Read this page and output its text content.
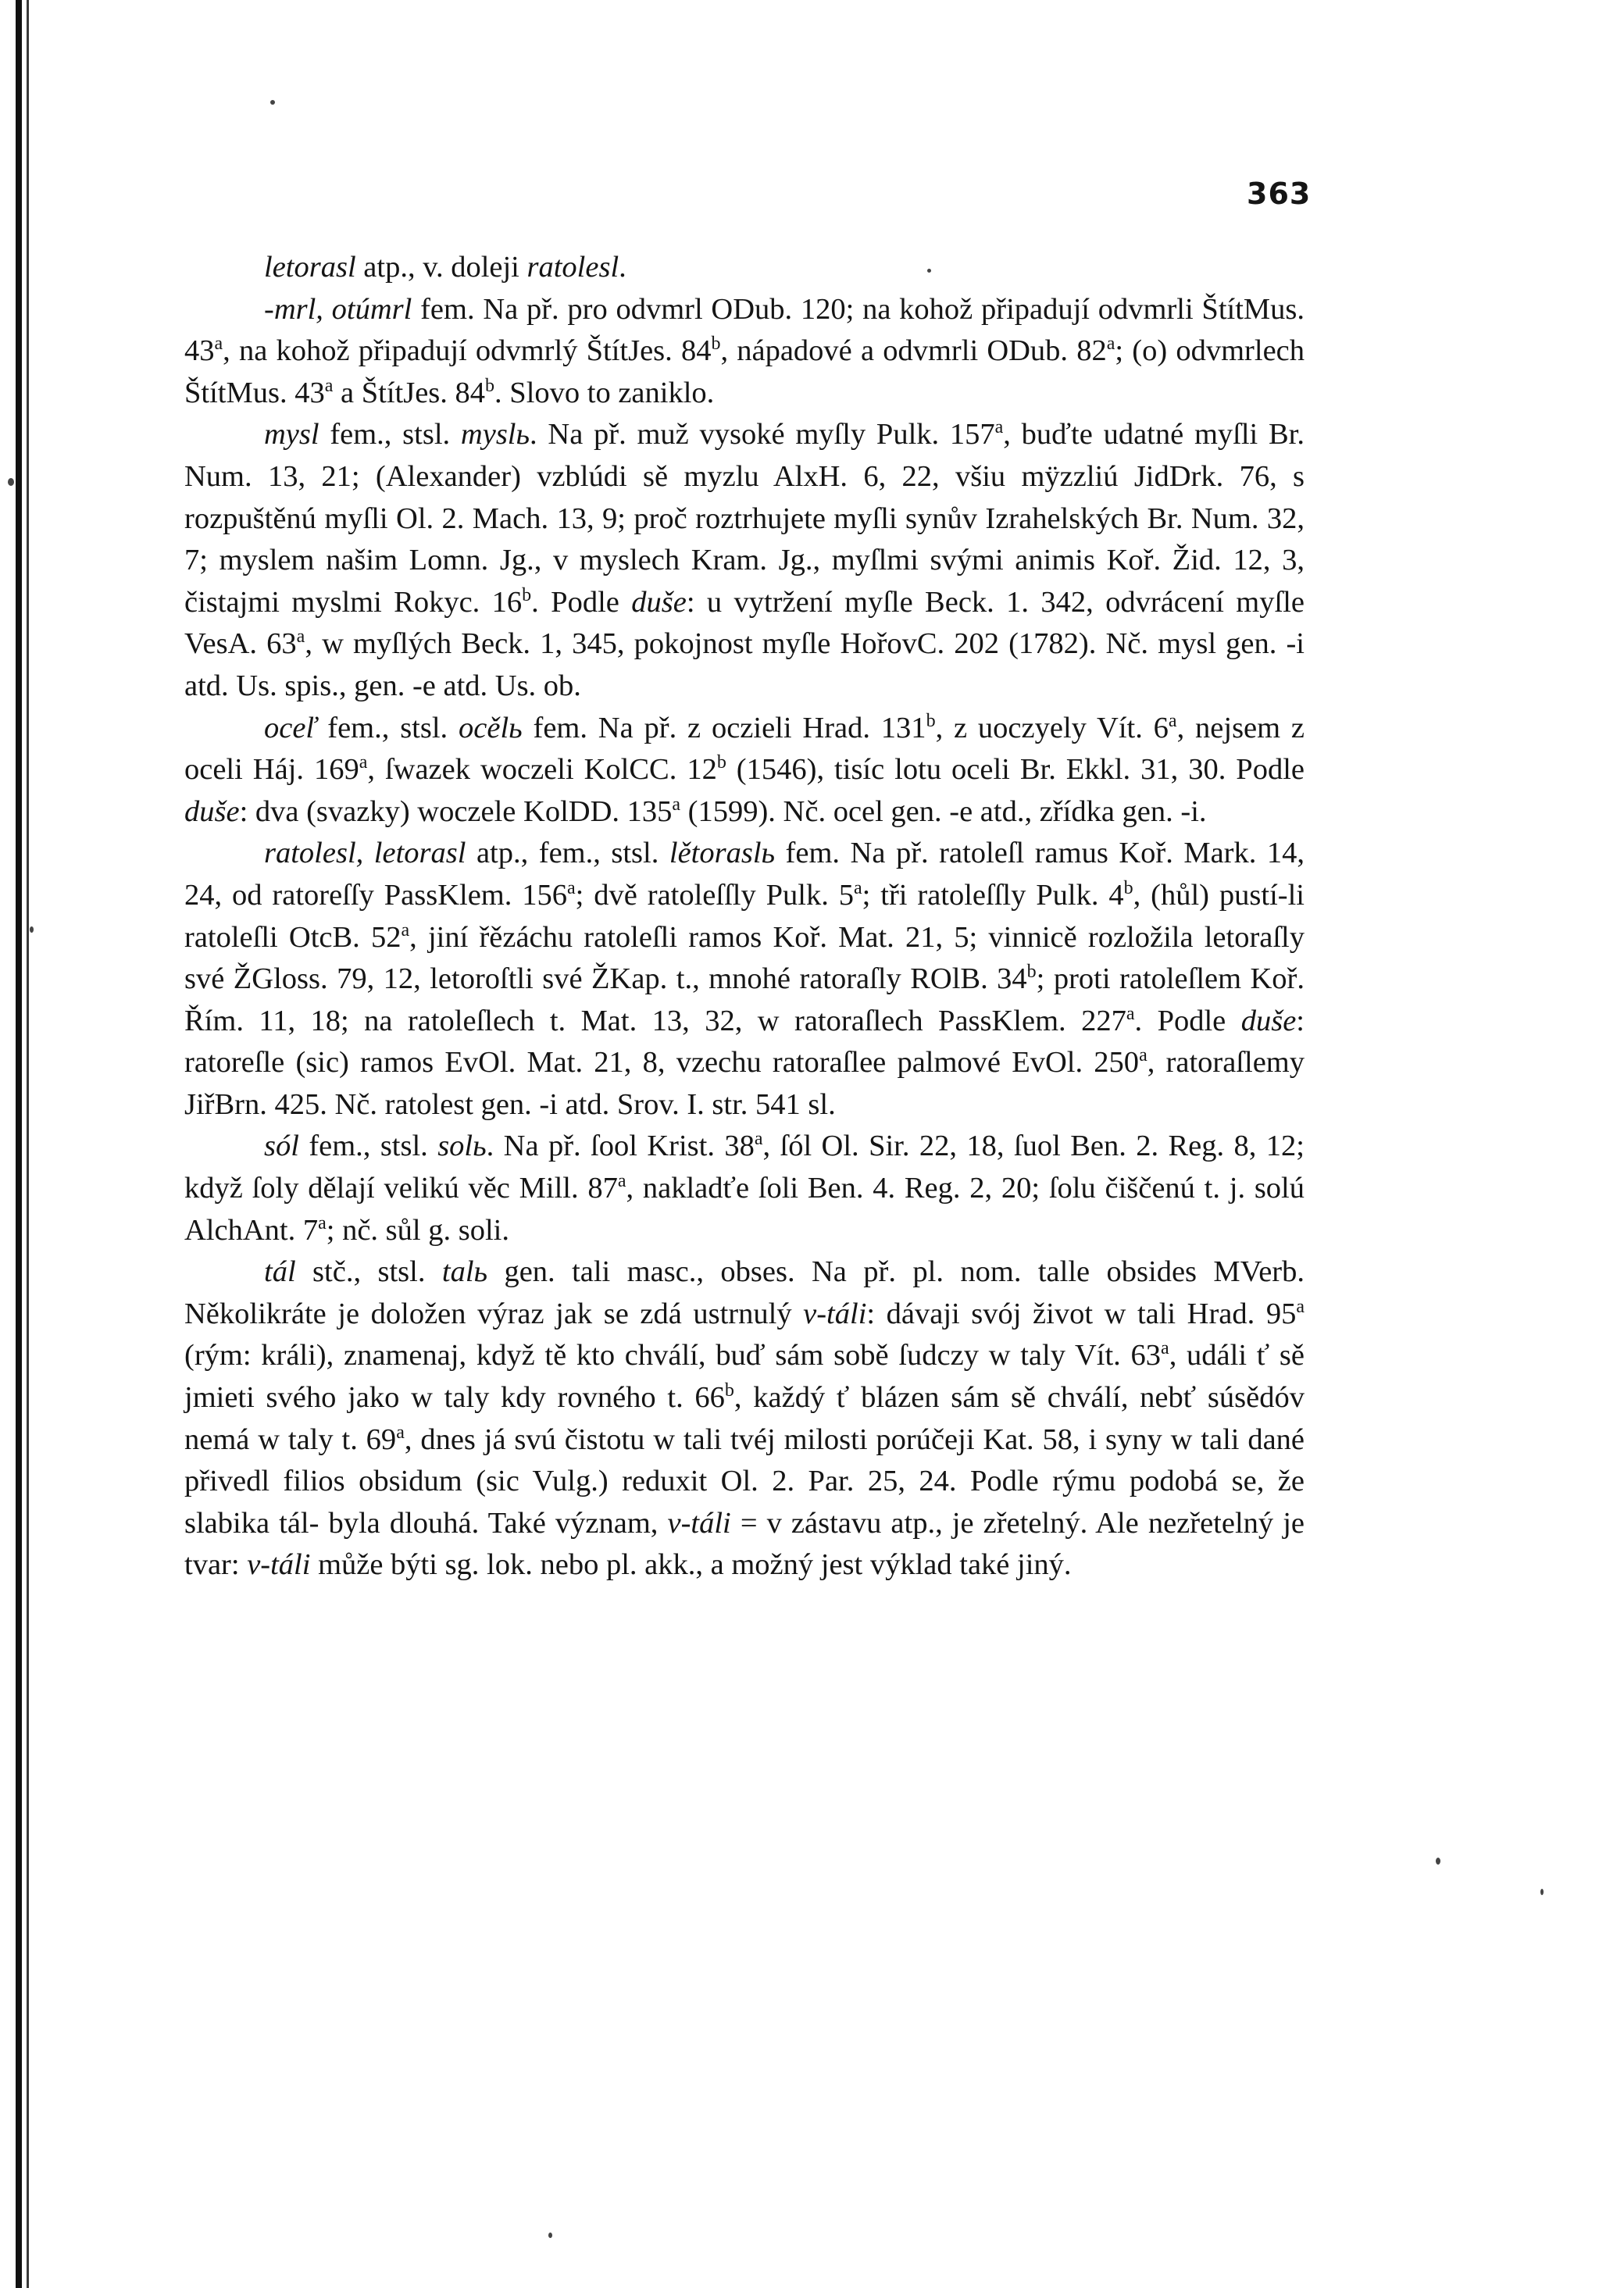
363

letorasl atp., v. doleji ratolesl.

-mrl, otúmrl fem. Na př. pro odvmrl ODub. 120; na kohož připadují odvmrli ŠtítMus. 43$^a$, na kohož připadují odvmrlý ŠtítJes. 84$^b$, nápadové a odvmrli ODub. 82$^a$; (o) odvmrlech ŠtítMus. 43$^a$ a ŠtítJes. 84$^b$. Slovo to zaniklo.

mysl fem., stsl. myslь. Na př. muž vysoké myſly Pulk. 157$^a$, buďte udatné myſli Br. Num. 13, 21; (Alexander) vzblúdi sě myzlu AlxH. 6, 22, všiu mÿzzliú JidDrk. 76, s rozpuštěnú myſli Ol. 2. Mach. 13, 9; proč roztrhujete myſli synův Izrahelských Br. Num. 32, 7; myslem našim Lomn. Jg., v myslech Kram. Jg., myſlmi svými animis Koř. Žid. 12, 3, čistajmi myslmi Rokyc. 16$^b$. Podle duše: u vytržení myſle Beck. 1. 342, odvrácení myſle VesA. 63$^a$, w myſlých Beck. 1, 345, pokojnost myſle HořovC. 202 (1782). Nč. mysl gen. -i atd. Us. spis., gen. -e atd. Us. ob.

oceľ fem., stsl. ocělь fem. Na př. z oczieli Hrad. 131$^b$, z uoczyely Vít. 6$^a$, nejsem z oceli Háj. 169$^a$, ſwazek woczeli KolCC. 12$^b$ (1546), tisíc lotu oceli Br. Ekkl. 31, 30. Podle duše: dva (svazky) woczele KolDD. 135$^a$ (1599). Nč. ocel gen. -e atd., zřídka gen. -i.

ratolesl, letorasl atp., fem., stsl. lětoraslь fem. Na př. ratoleſl ramus Koř. Mark. 14, 24, od ratoreſſy PassKlem. 156$^a$; dvě ratoleſſly Pulk. 5$^a$; tři ratoleſſly Pulk. 4$^b$, (hůl) pustí-li ratoleſli OtcB. 52$^a$, jiní řězáchu ratoleſli ramos Koř. Mat. 21, 5; vinnicě rozložila letoraſly své ŽGloss. 79, 12, letoroſtli své ŽKap. t., mnohé ratoraſly ROlB. 34$^b$; proti ratoleſlem Koř. Řím. 11, 18; na ratoleſlech t. Mat. 13, 32, w ratoraſlech PassKlem. 227$^a$. Podle duše: ratoreſle (sic) ramos EvOl. Mat. 21, 8, vzechu ratoraſlee palmové EvOl. 250$^a$, ratoraſlemy JiřBrn. 425. Nč. ratolest gen. -i atd. Srov. I. str. 541 sl.

sól fem., stsl. solь. Na př. ſool Krist. 38$^a$, ſól Ol. Sir. 22, 18, ſuol Ben. 2. Reg. 8, 12; když ſoly dělají velikú věc Mill. 87$^a$, nakladťe ſoli Ben. 4. Reg. 2, 20; ſolu čiščenú t. j. solú AlchAnt. 7$^a$; nč. sůl g. soli.

tál stč., stsl. talь gen. tali masc., obses. Na př. pl. nom. talle obsides MVerb. Několikráte je doložen výraz jak se zdá ustrnulý v-táli: dávaji svój život w tali Hrad. 95$^a$ (rým: králi), znamenaj, když tě kto chválí, buď sám sobě ſudczy w taly Vít. 63$^a$, událi ť sě jmieti svého jako w taly kdy rovného t. 66$^b$, každý ť blázen sám sě chválí, nebť súsědóv nemá w taly t. 69$^a$, dnes já svú čistotu w tali tvéj milosti porúčeji Kat. 58, i syny w tali dané přivedl filios obsidum (sic Vulg.) reduxit Ol. 2. Par. 25, 24. Podle rýmu podobá se, že slabika tál- byla dlouhá. Také význam, v-táli = v zástavu atp., je zřetelný. Ale nezřetelný je tvar: v-táli může býti sg. lok. nebo pl. akk., a možný jest výklad také jiný.
